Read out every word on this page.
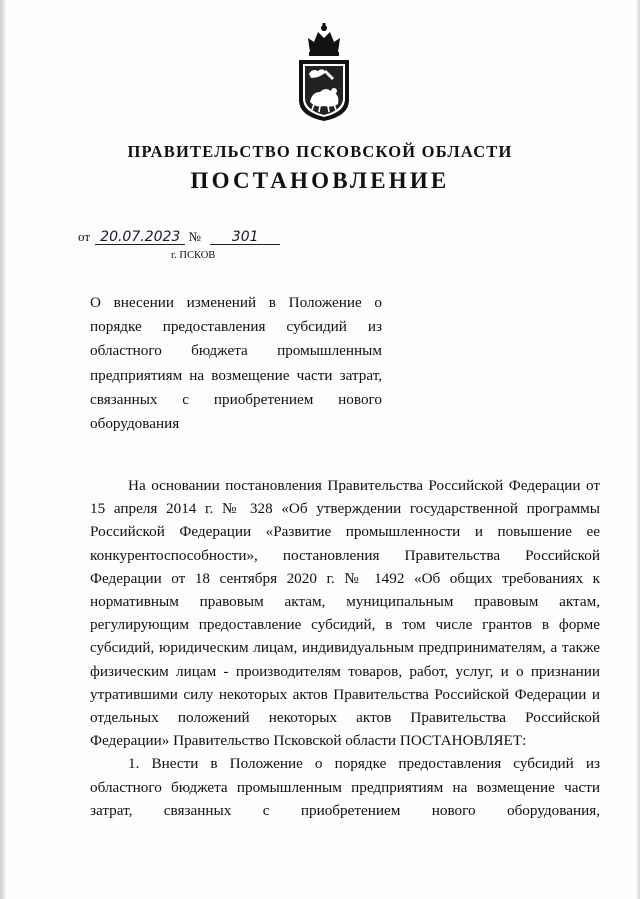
ПРАВИТЕЛЬСТВО ПСКОВСКОЙ ОБЛАСТИ
ПОСТАНОВЛЕНИЕ
от 20.07.2023 № 301
г. ПСКОВ
О внесении изменений в Положение о порядке предоставления субсидий из областного бюджета промышленным предприятиям на возмещение части затрат, связанных с приобретением нового оборудования

На основании постановления Правительства Российской Федерации от 15 апреля 2014 г. № 328 «Об утверждении государственной программы Российской Федерации «Развитие промышленности и повышение ее конкурентоспособности», постановления Правительства Российской Федерации от 18 сентября 2020 г. № 1492 «Об общих требованиях к нормативным правовым актам, муниципальным правовым актам, регулирующим предоставление субсидий, в том числе грантов в форме субсидий, юридическим лицам, индивидуальным предпринимателям, а также физическим лицам - производителям товаров, работ, услуг, и о признании утратившими силу некоторых актов Правительства Российской Федерации и отдельных положений некоторых актов Правительства Российской Федерации» Правительство Псковской области ПОСТАНОВЛЯЕТ:

1. Внести в Положение о порядке предоставления субсидий из областного бюджета промышленным предприятиям на возмещение части затрат, связанных с приобретением нового оборудования,
